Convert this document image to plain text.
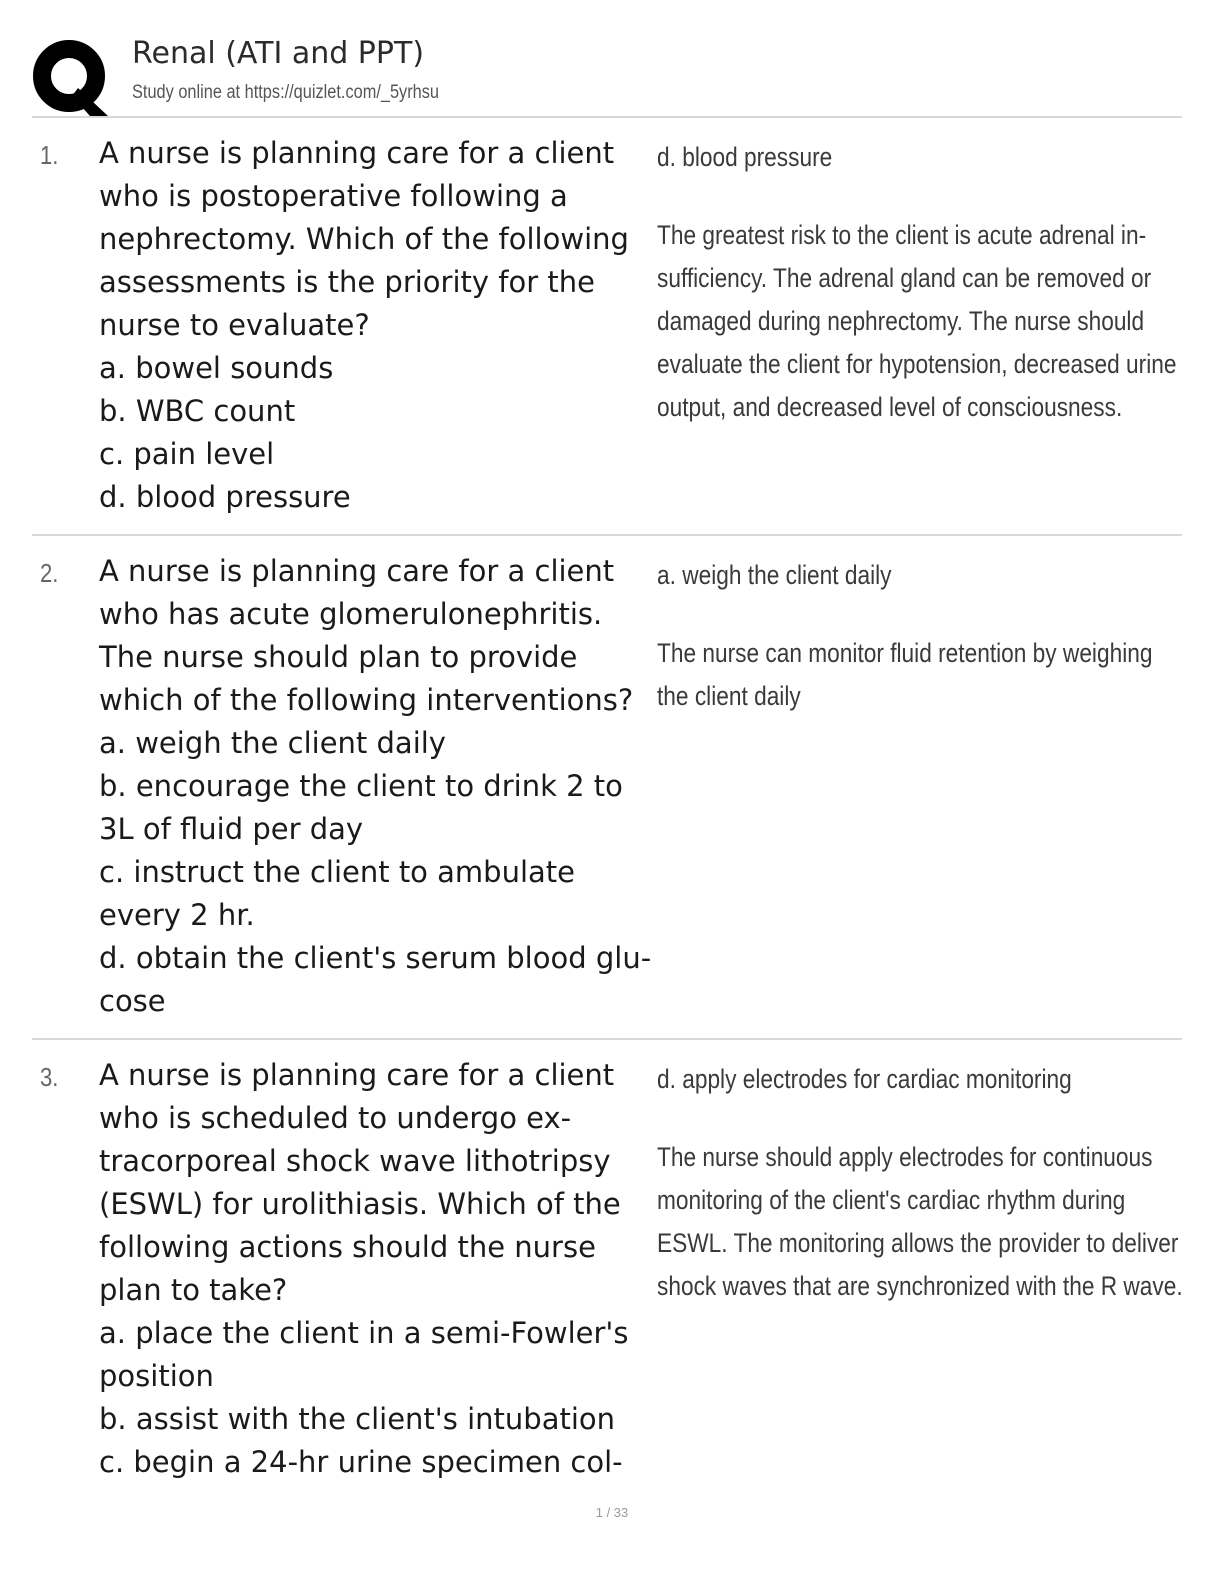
Renal (ATI and PPT)
Study online at https://quizlet.com/_5yrhsu
1. A nurse is planning care for a client
who is postoperative following a
nephrectomy. Which of the following
assessments is the priority for the
nurse to evaluate?
a. bowel sounds
b. WBC count
c. pain level
d. blood pressure
d. blood pressure
The greatest risk to the client is acute adrenal in-
sufficiency. The adrenal gland can be removed or
damaged during nephrectomy. The nurse should
evaluate the client for hypotension, decreased urine
output, and decreased level of consciousness.
2. A nurse is planning care for a client
who has acute glomerulonephritis.
The nurse should plan to provide
which of the following interventions?
a. weigh the client daily
b. encourage the client to drink 2 to
3L of fluid per day
c. instruct the client to ambulate
every 2 hr.
d. obtain the client's serum blood glu-
cose
a. weigh the client daily
The nurse can monitor fluid retention by weighing
the client daily
3. A nurse is planning care for a client
who is scheduled to undergo ex-
tracorporeal shock wave lithotripsy
(ESWL) for urolithiasis. Which of the
following actions should the nurse
plan to take?
a. place the client in a semi-Fowler's
position
b. assist with the client's intubation
c. begin a 24-hr urine specimen col-
d. apply electrodes for cardiac monitoring
The nurse should apply electrodes for continuous
monitoring of the client's cardiac rhythm during
ESWL. The monitoring allows the provider to deliver
shock waves that are synchronized with the R wave.
1 / 33
